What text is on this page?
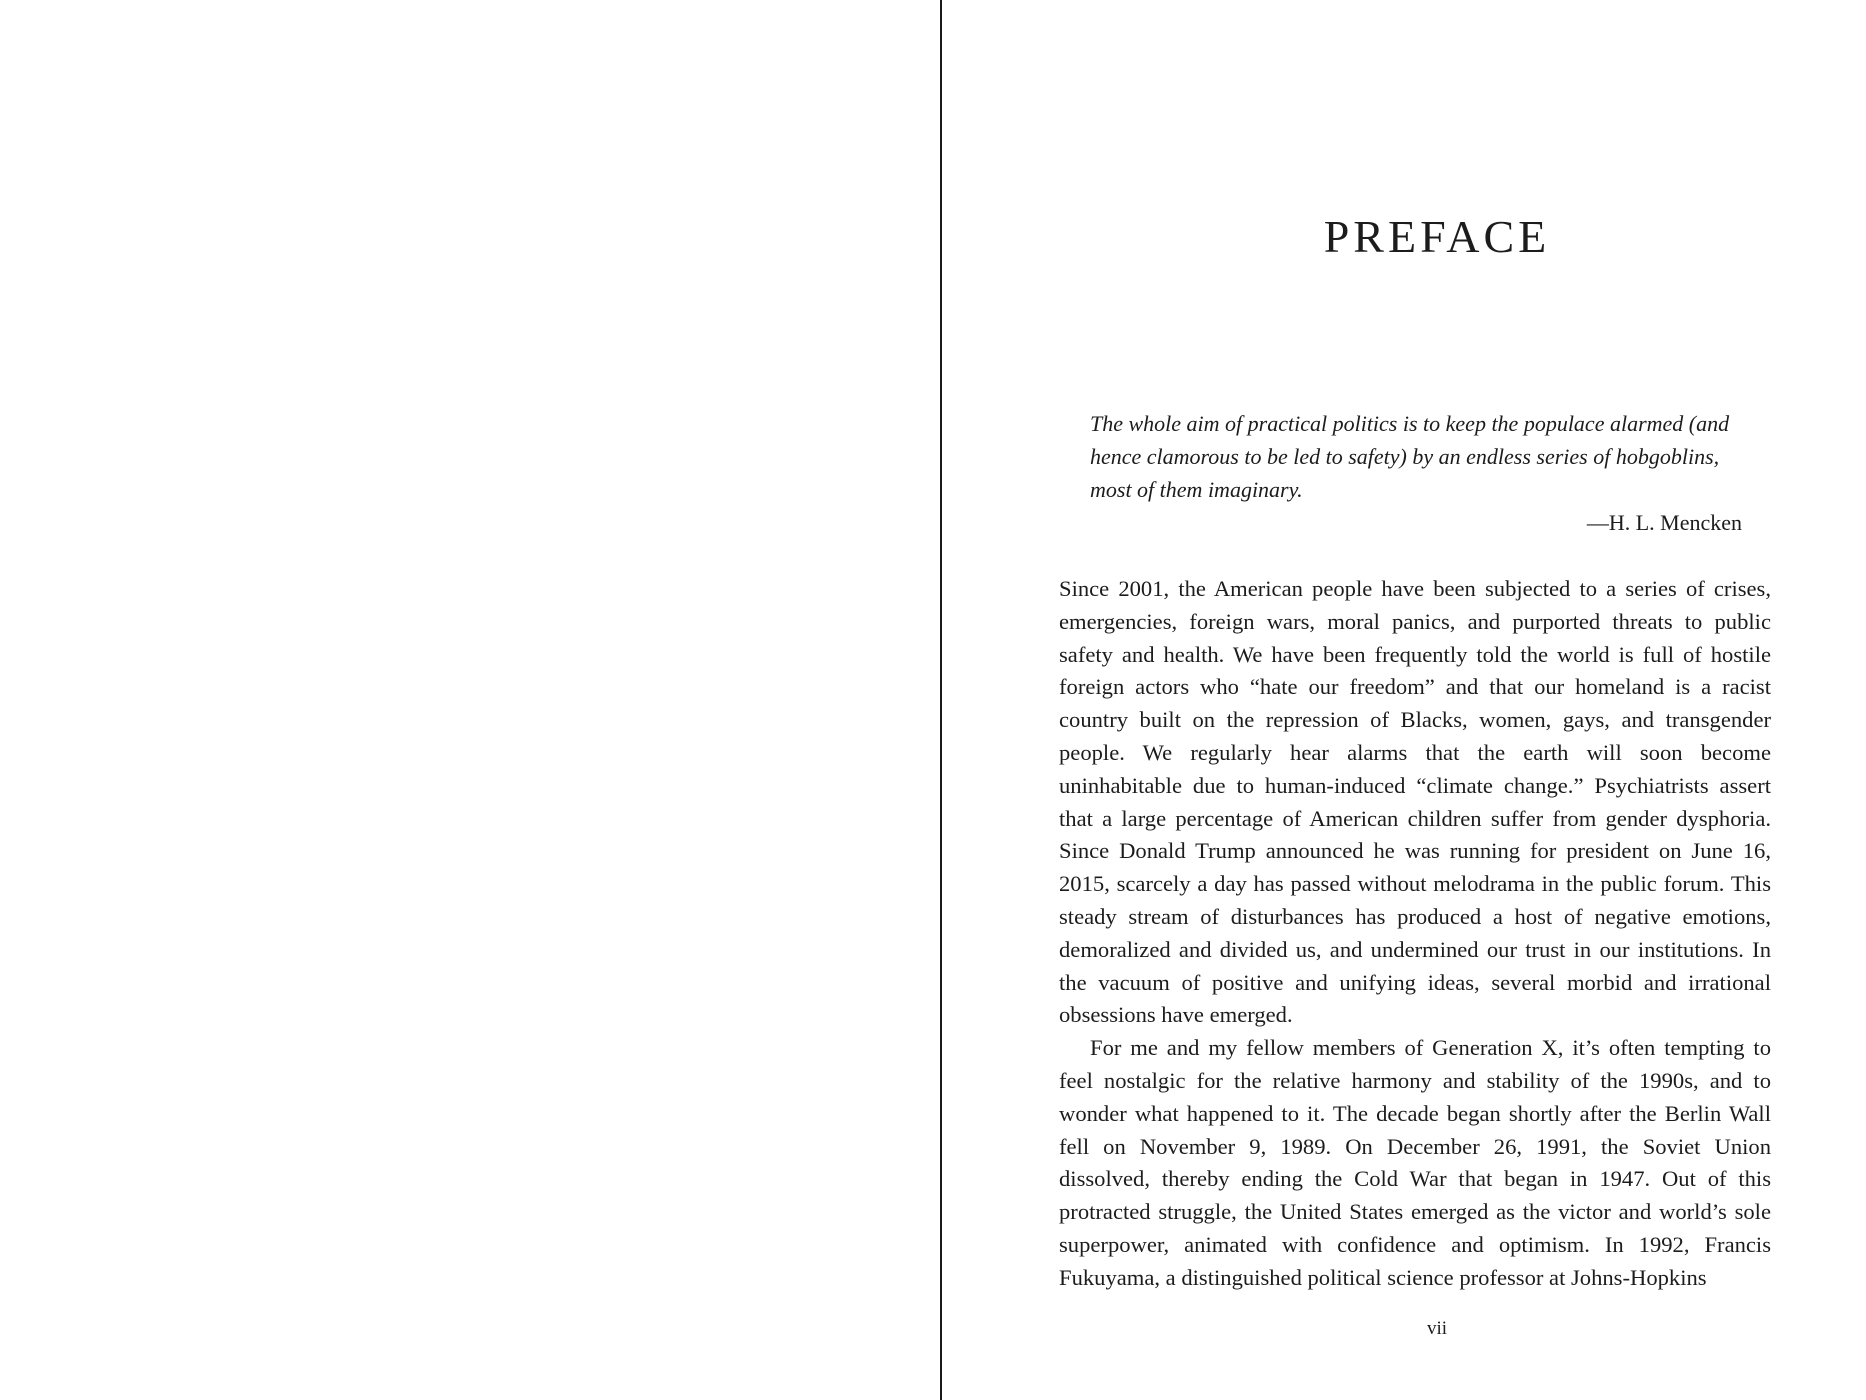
PREFACE

The whole aim of practical politics is to keep the populace alarmed (and hence clamorous to be led to safety) by an endless series of hobgoblins, most of them imaginary.

—H. L. Mencken

Since 2001, the American people have been subjected to a series of crises, emergencies, foreign wars, moral panics, and purported threats to public safety and health. We have been frequently told the world is full of hostile foreign actors who “hate our freedom” and that our homeland is a racist country built on the repression of Blacks, women, gays, and transgender people. We regularly hear alarms that the earth will soon become uninhabitable due to human-induced “climate change.” Psychiatrists assert that a large percentage of American children suffer from gender dysphoria. Since Donald Trump announced he was running for president on June 16, 2015, scarcely a day has passed without melodrama in the public forum. This steady stream of disturbances has produced a host of negative emotions, demoralized and divided us, and undermined our trust in our institutions. In the vacuum of positive and unifying ideas, several morbid and irrational obsessions have emerged.

For me and my fellow members of Generation X, it’s often tempting to feel nostalgic for the relative harmony and stability of the 1990s, and to wonder what happened to it. The decade began shortly after the Berlin Wall fell on November 9, 1989. On December 26, 1991, the Soviet Union dissolved, thereby ending the Cold War that began in 1947. Out of this protracted struggle, the United States emerged as the victor and world’s sole superpower, animated with confidence and optimism. In 1992, Francis Fukuyama, a distinguished political science professor at Johns-Hopkins

vii
